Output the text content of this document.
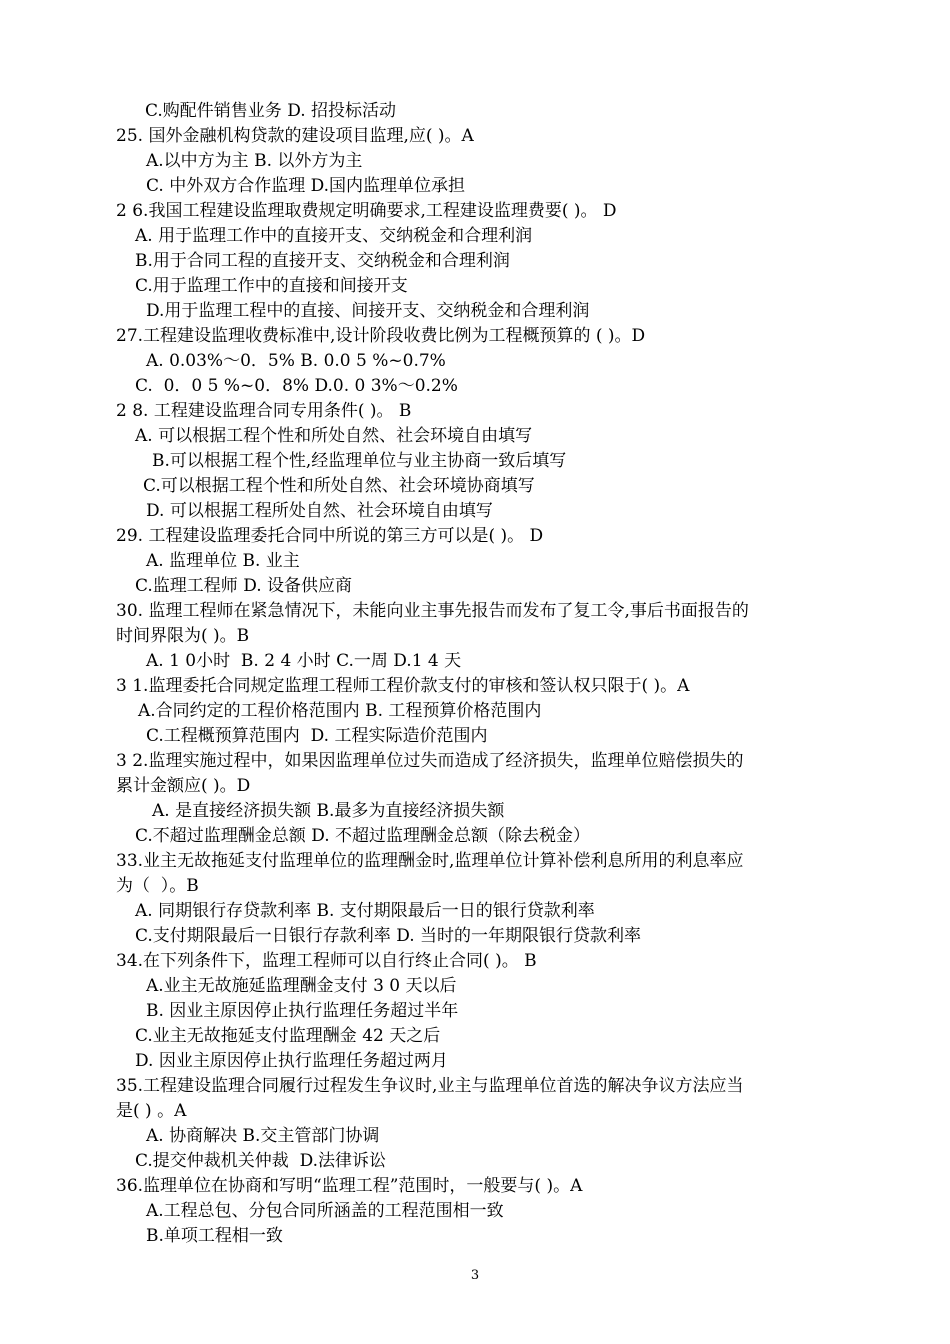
C.购配件销售业务 D. 招投标活动
25. 国外金融机构贷款的建设项目监理,应( )。A
A.以中方为主 B. 以外方为主
C. 中外双方合作监理 D.国内监理单位承担
2 6.我国工程建设监理取费规定明确要求,工程建设监理费要( )。 D
A. 用于监理工作中的直接开支、交纳税金和合理利润
B.用于合同工程的直接开支、交纳税金和合理利润
C.用于监理工作中的直接和间接开支
D.用于监理工程中的直接、间接开支、交纳税金和合理利润
27.工程建设监理收费标准中,设计阶段收费比例为工程概预算的 ( )。D
A. 0.03%～0．5% B. 0.0 5 %~0.7%
C.  0．0 5 %~0．8% D.0. 0 3%～0.2%
2 8. 工程建设监理合同专用条件( )。 B
A. 可以根据工程个性和所处自然、社会环境自由填写
B.可以根据工程个性,经监理单位与业主协商一致后填写
C.可以根据工程个性和所处自然、社会环境协商填写
D. 可以根据工程所处自然、社会环境自由填写
29. 工程建设监理委托合同中所说的第三方可以是( )。 D
A. 监理单位 B. 业主
C.监理工程师 D. 设备供应商
30. 监理工程师在紧急情况下，未能向业主事先报告而发布了复工令,事后书面报告的
时间界限为( )。B
A. 1 0小时  B. 2 4 小时 C.一周 D.1 4 天
3 1.监理委托合同规定监理工程师工程价款支付的审核和签认权只限于( )。A
A.合同约定的工程价格范围内 B. 工程预算价格范围内
C.工程概预算范围内  D. 工程实际造价范围内
3 2.监理实施过程中，如果因监理单位过失而造成了经济损失，监理单位赔偿损失的
累计金额应( )。D
A. 是直接经济损失额 B.最多为直接经济损失额
C.不超过监理酬金总额 D. 不超过监理酬金总额（除去税金）
33.业主无故拖延支付监理单位的监理酬金时,监理单位计算补偿利息所用的利息率应
为（  ）。B
A. 同期银行存贷款利率 B. 支付期限最后一日的银行贷款利率
C.支付期限最后一日银行存款利率 D. 当时的一年期限银行贷款利率
34.在下列条件下，监理工程师可以自行终止合同( )。 B
A.业主无故施延监理酬金支付 3 0 天以后
B. 因业主原因停止执行监理任务超过半年
C.业主无故拖延支付监理酬金 42 天之后
D. 因业主原因停止执行监理任务超过两月
35.工程建设监理合同履行过程发生争议时,业主与监理单位首选的解决争议方法应当
是( ) 。A
A. 协商解决 B.交主管部门协调
C.提交仲裁机关仲裁  D.法律诉讼
36.监理单位在协商和写明“监理工程”范围时，一般要与( )。A
A.工程总包、分包合同所涵盖的工程范围相一致
B.单项工程相一致
3
